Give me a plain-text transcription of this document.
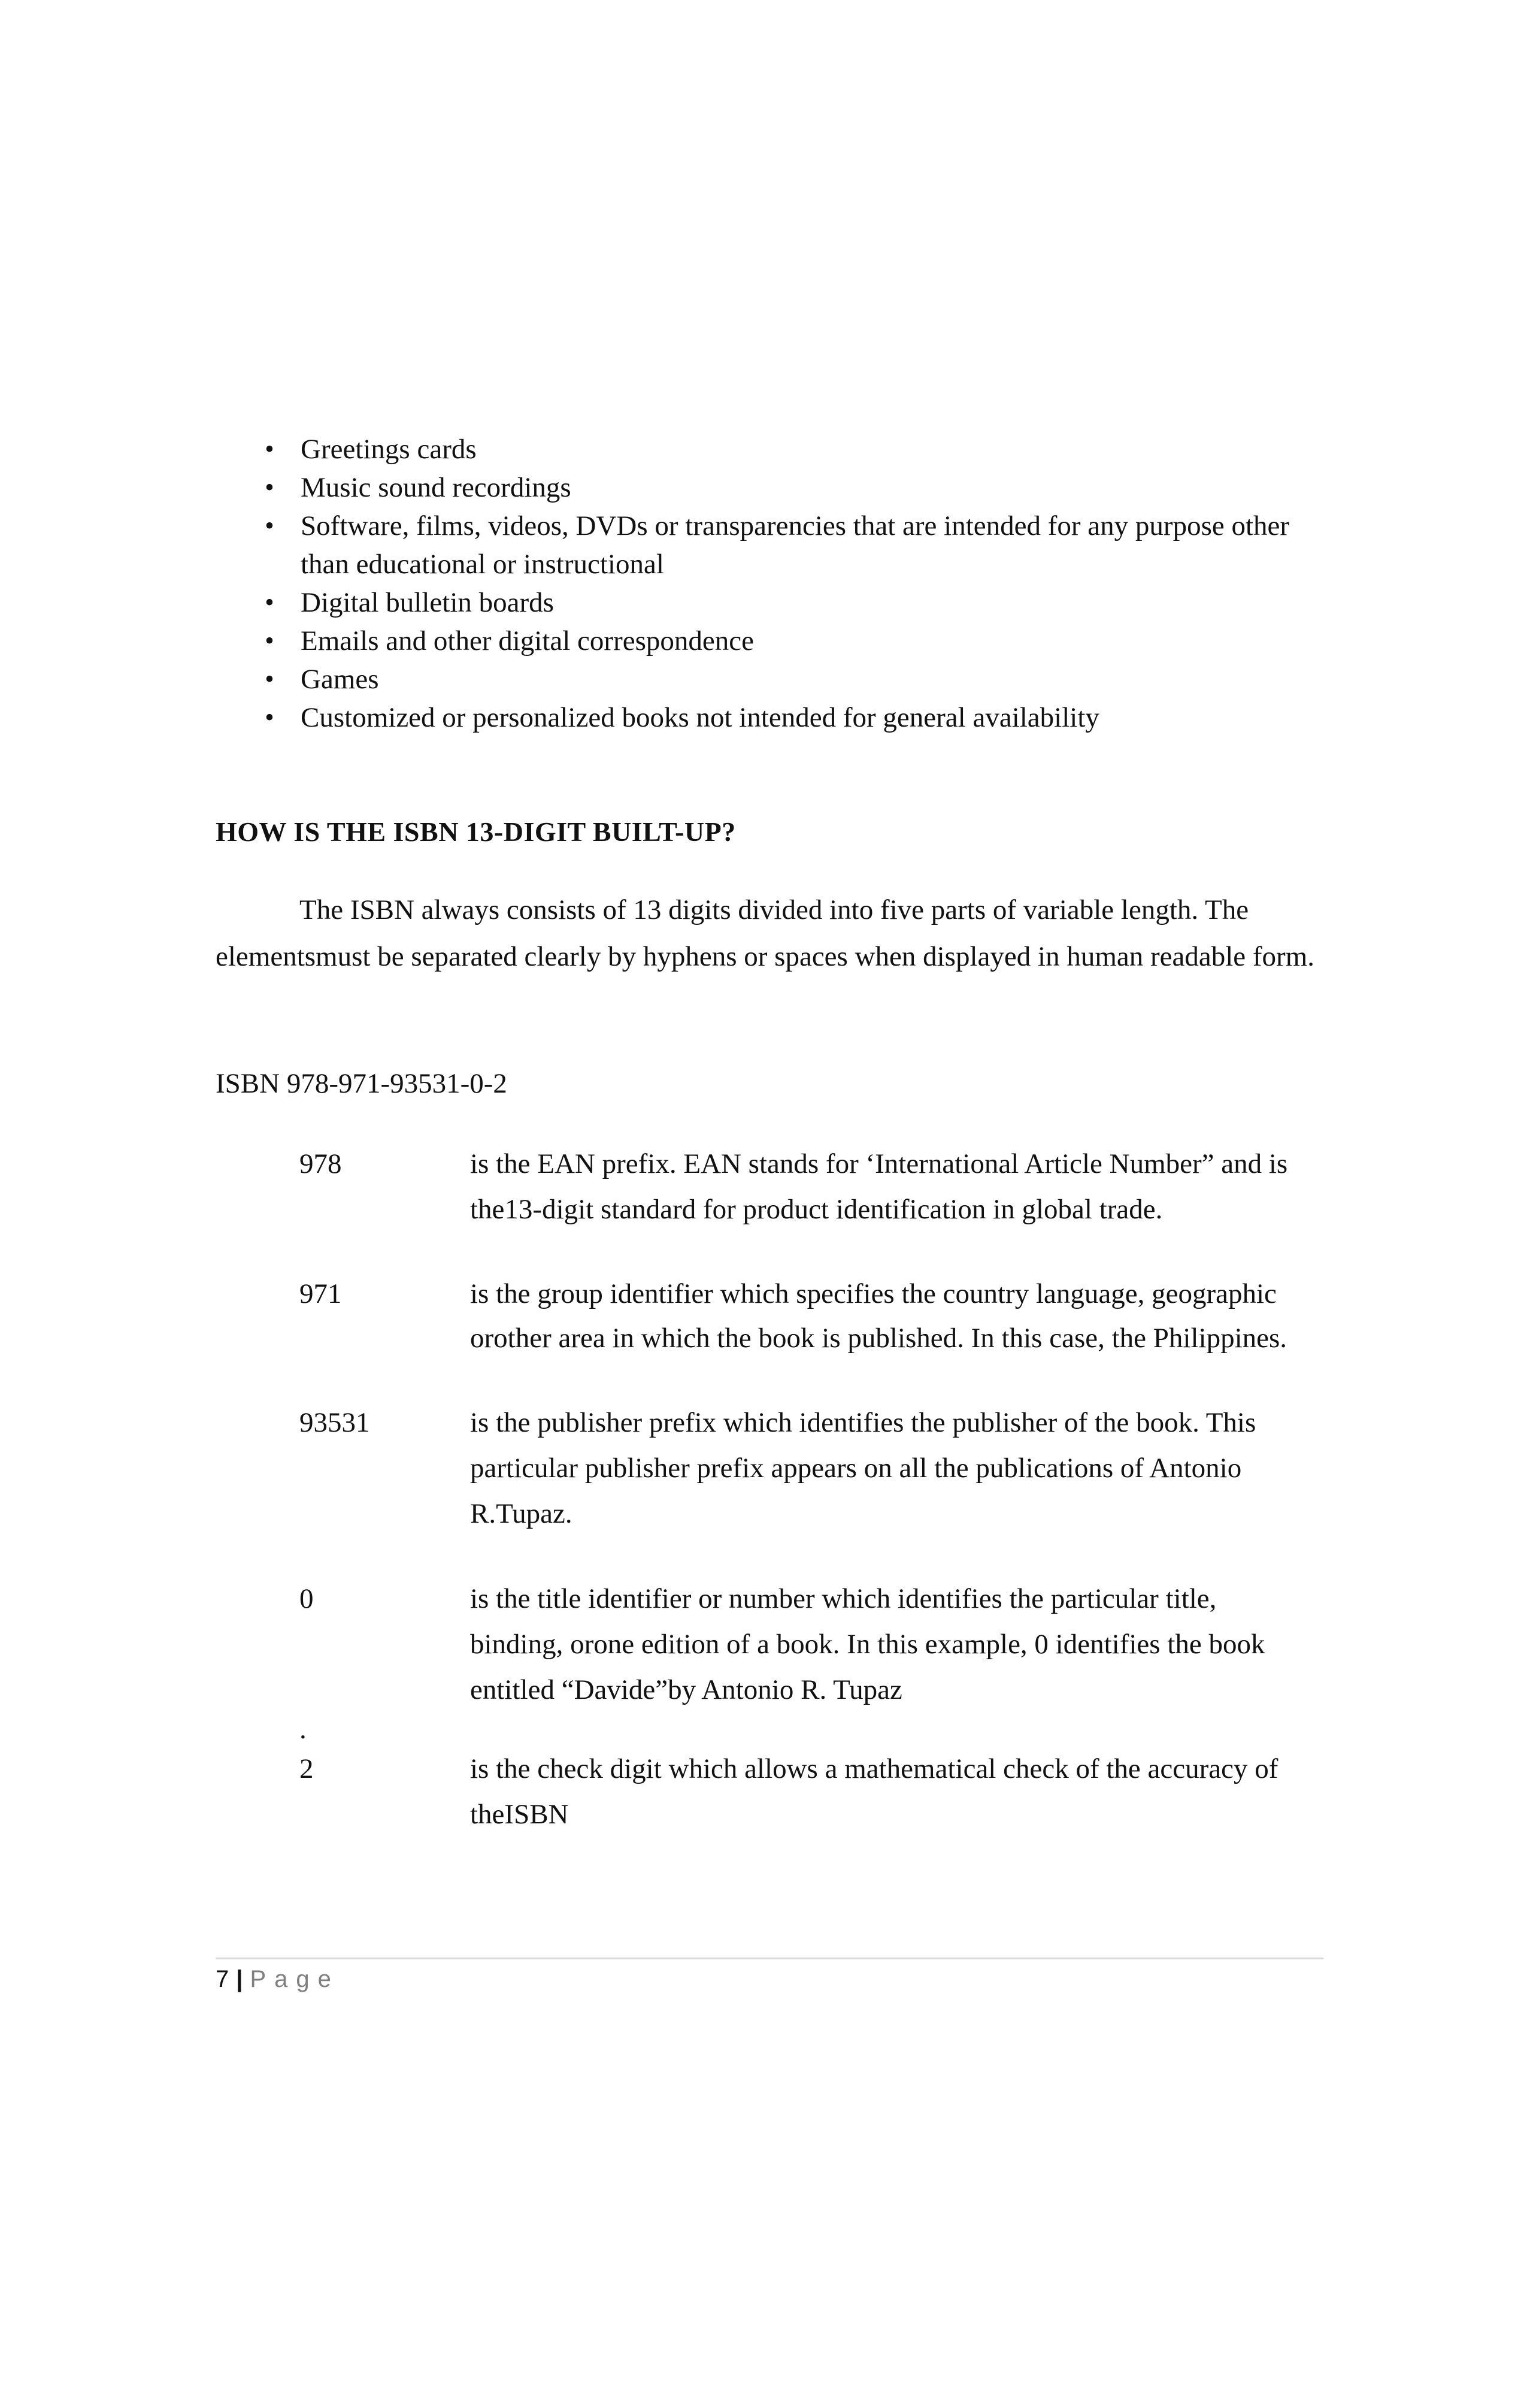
• Greetings cards
• Music sound recordings
• Software, films, videos, DVDs or transparencies that are intended for any purpose other than educational or instructional
• Digital bulletin boards
• Emails and other digital correspondence
• Games
• Customized or personalized books not intended for general availability
HOW IS THE ISBN 13-DIGIT BUILT-UP?

The ISBN always consists of 13 digits divided into five parts of variable length. The elementsmust be separated clearly by hyphens or spaces when displayed in human readable form.

ISBN 978-971-93531-0-2
978	is the EAN prefix. EAN stands for ‘International Article Number” and is the13-digit standard for product identification in global trade.
971	is the group identifier which specifies the country language, geographic orother area in which the book is published. In this case, the Philippines.
93531	is the publisher prefix which identifies the publisher of the book. This particular publisher prefix appears on all the publications of Antonio R.Tupaz.
0	is the title identifier or number which identifies the particular title, binding, orone edition of a book. In this example, 0 identifies the book entitled “Davide”by Antonio R. Tupaz
.
2	is the check digit which allows a mathematical check of the accuracy of theISBN
7 | Page
